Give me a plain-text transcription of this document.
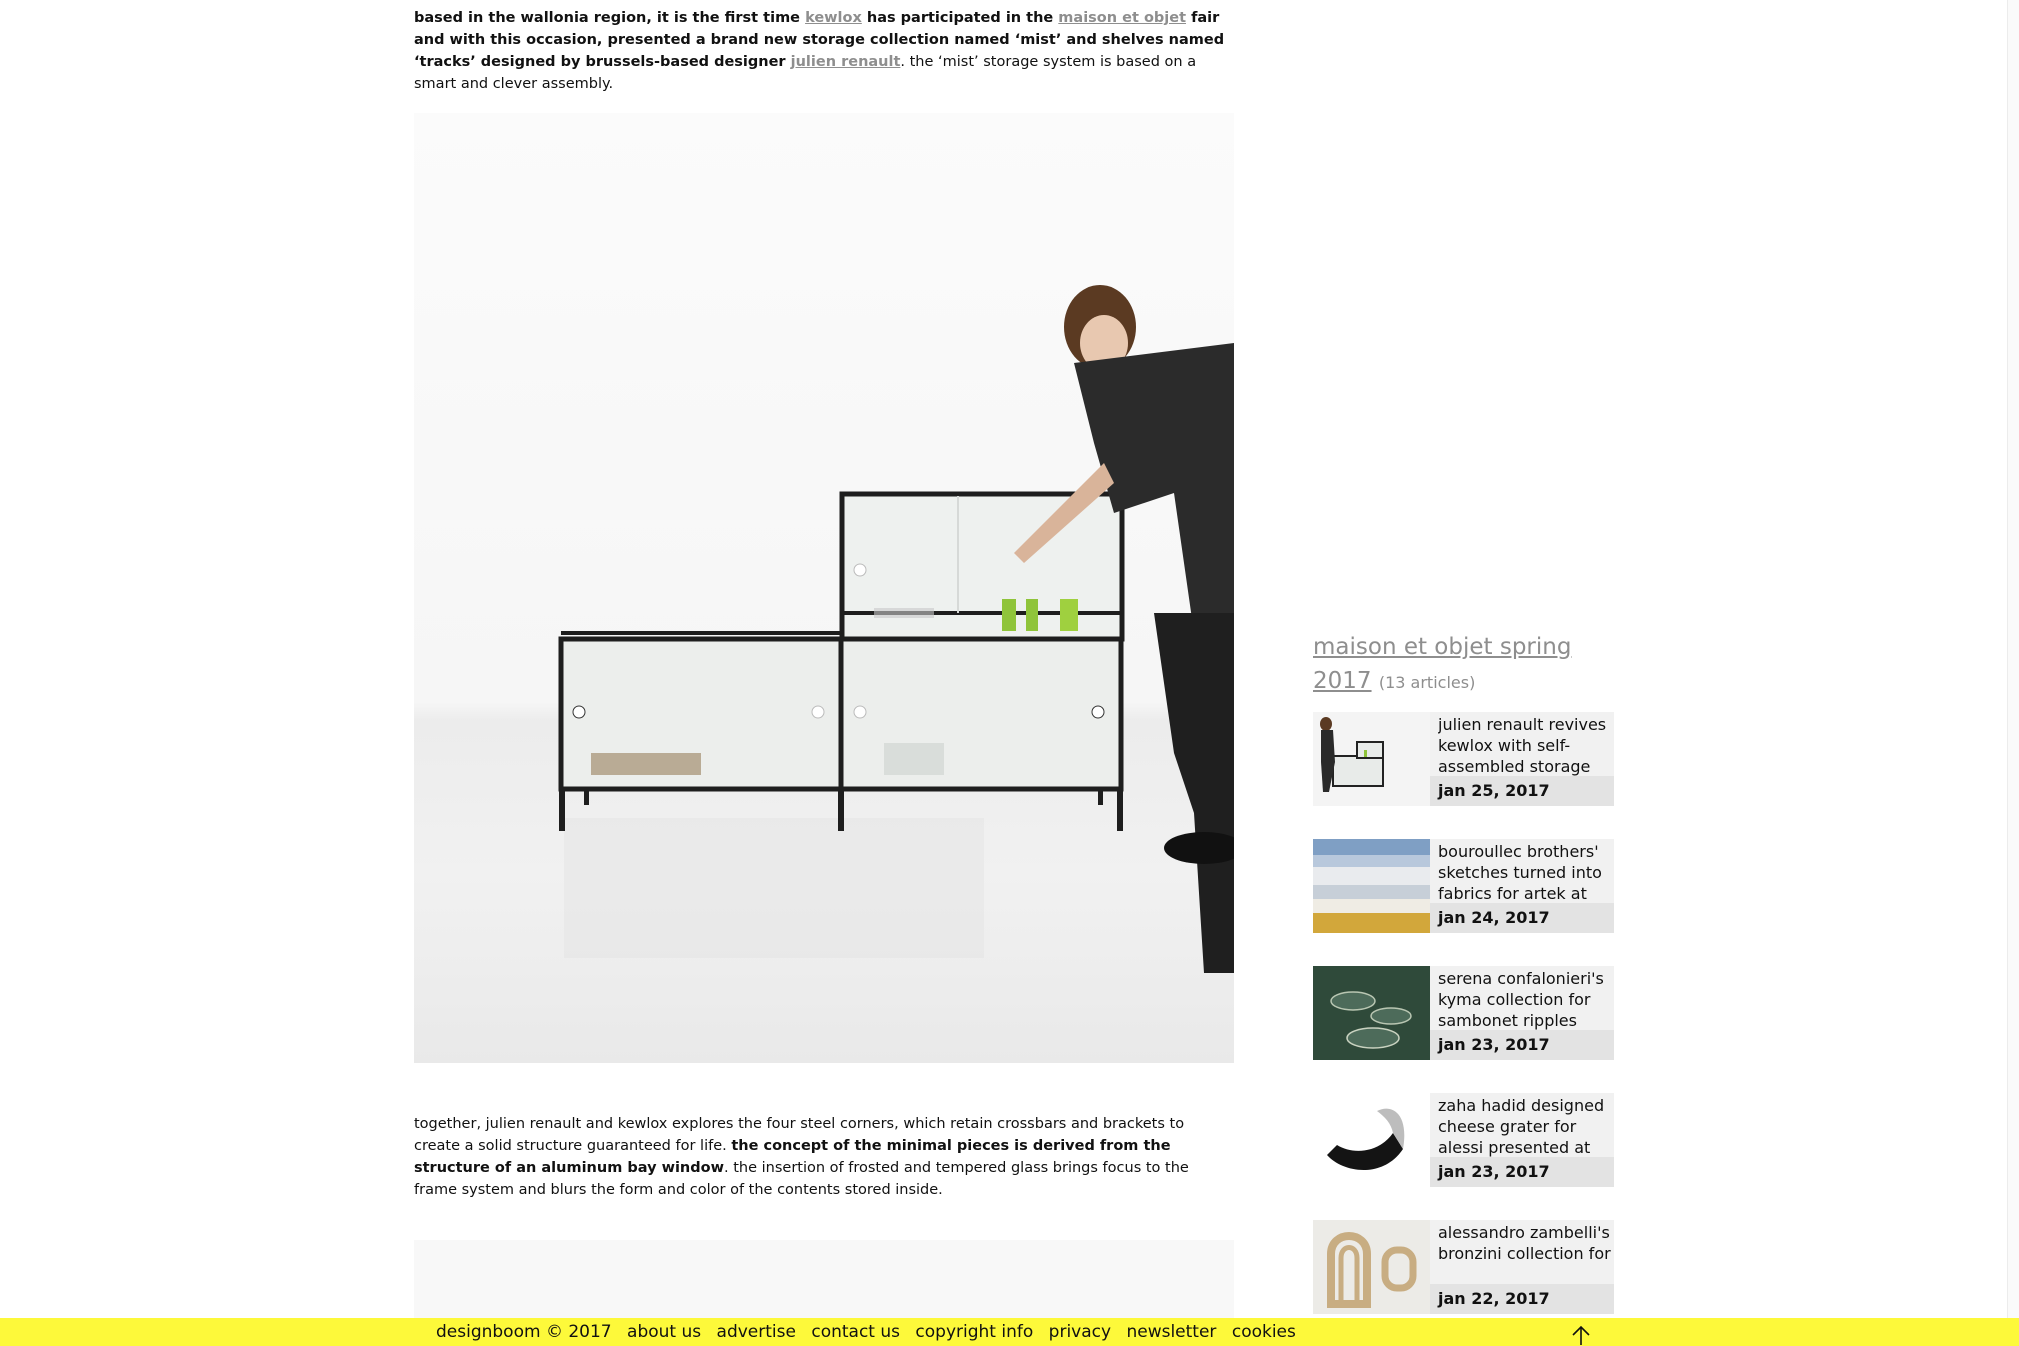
based in the wallonia region, it is the first time kewlox has participated in the maison et objet fair and with this occasion, presented a brand new storage collection named ‘mist’ and shelves named ‘tracks’ designed by brussels-based designer julien renault. the ‘mist’ storage system is based on a smart and clever assembly.

together, julien renault and kewlox explores the four steel corners, which retain crossbars and brackets to create a solid structure guaranteed for life. the concept of the minimal pieces is derived from the structure of an aluminum bay window. the insertion of frosted and tempered glass brings focus to the frame system and blurs the form and color of the contents stored inside.

maison et objet spring 2017 (13 articles)
julien renault revives kewlox with self-assembled storage
jan 25, 2017
bouroullec brothers' sketches turned into fabrics for artek at
jan 24, 2017
serena confalonieri's kyma collection for sambonet ripples
jan 23, 2017
zaha hadid designed cheese grater for alessi presented at
jan 23, 2017
alessandro zambelli's bronzini collection for
jan 22, 2017
designboom © 2017 about us advertise contact us copyright info privacy newsletter cookies
